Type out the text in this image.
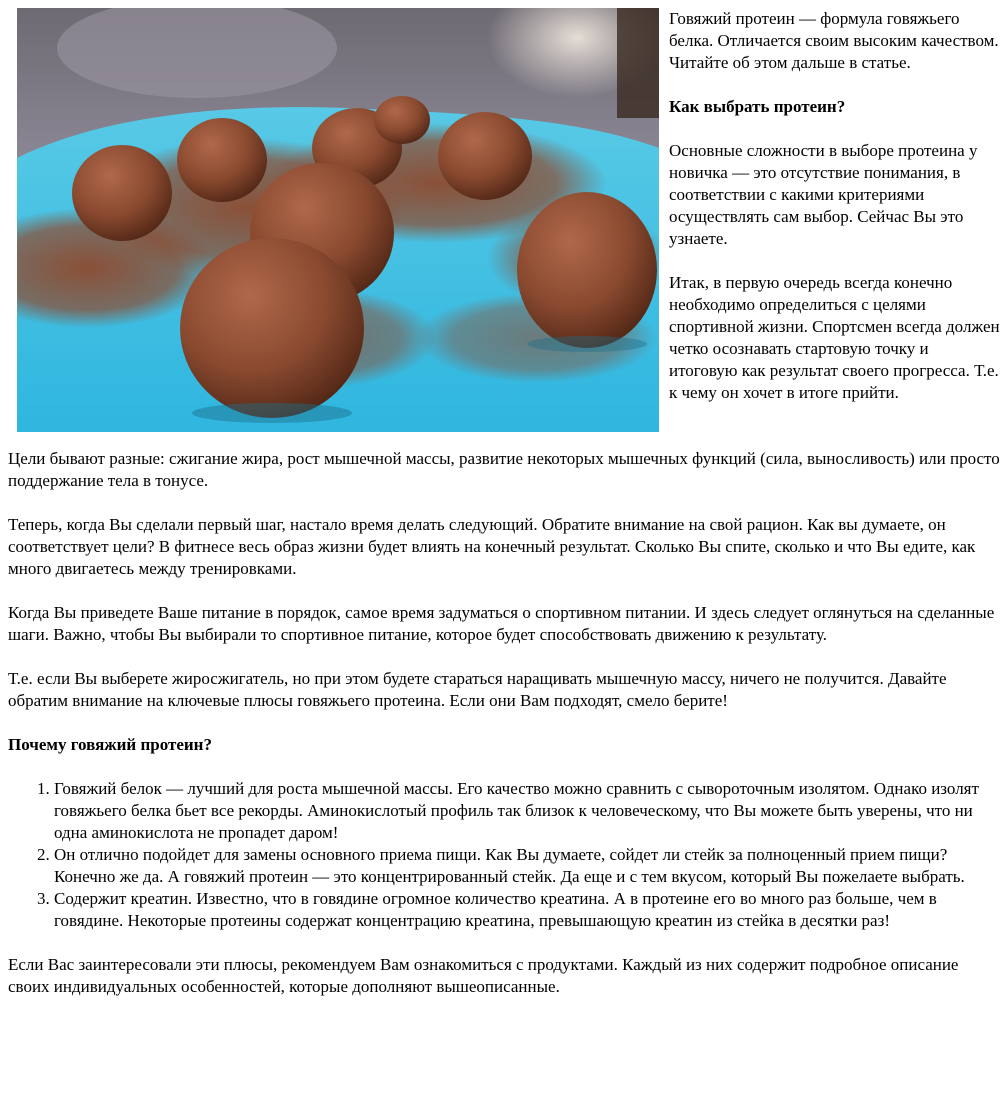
Говяжий протеин — формула говяжьего белка. Отличается своим высоким качеством. Читайте об этом дальше в статье.

Как выбрать протеин?

Основные сложности в выборе протеина у новичка — это отсутствие понимания, в соответствии с какими критериями осуществлять сам выбор. Сейчас Вы это узнаете.

Итак, в первую очередь всегда конечно необходимо определиться с целями спортивной жизни. Спортсмен всегда должен четко осознавать стартовую точку и итоговую как результат своего прогресса. Т.е. к чему он хочет в итоге прийти.

Цели бывают разные: сжигание жира, рост мышечной массы, развитие некоторых мышечных функций (сила, выносливость) или просто поддержание тела в тонусе.

Теперь, когда Вы сделали первый шаг, настало время делать следующий. Обратите внимание на свой рацион. Как вы думаете, он соответствует цели? В фитнесе весь образ жизни будет влиять на конечный результат. Сколько Вы спите, сколько и что Вы едите, как много двигаетесь между тренировками.

Когда Вы приведете Ваше питание в порядок, самое время задуматься о спортивном питании. И здесь следует оглянуться на сделанные шаги. Важно, чтобы Вы выбирали то спортивное питание, которое будет способствовать движению к результату.

Т.е. если Вы выберете жиросжигатель, но при этом будете стараться наращивать мышечную массу, ничего не получится. Давайте обратим внимание на ключевые плюсы говяжьего протеина. Если они Вам подходят, смело берите!

Почему говяжий протеин?
1. Говяжий белок — лучший для роста мышечной массы. Его качество можно сравнить с сывороточным изолятом. Однако изолят говяжьего белка бьет все рекорды. Аминокислотый профиль так близок к человеческому, что Вы можете быть уверены, что ни одна аминокислота не пропадет даром!
2. Он отлично подойдет для замены основного приема пищи. Как Вы думаете, сойдет ли стейк за полноценный прием пищи? Конечно же да. А говяжий протеин — это концентрированный стейк. Да еще и с тем вкусом, который Вы пожелаете выбрать.
3. Содержит креатин. Известно, что в говядине огромное количество креатина. А в протеине его во много раз больше, чем в говядине. Некоторые протеины содержат концентрацию креатина, превышающую креатин из стейка в десятки раз!

Если Вас заинтересовали эти плюсы, рекомендуем Вам ознакомиться с продуктами. Каждый из них содержит подробное описание своих индивидуальных особенностей, которые дополняют вышеописанные.
